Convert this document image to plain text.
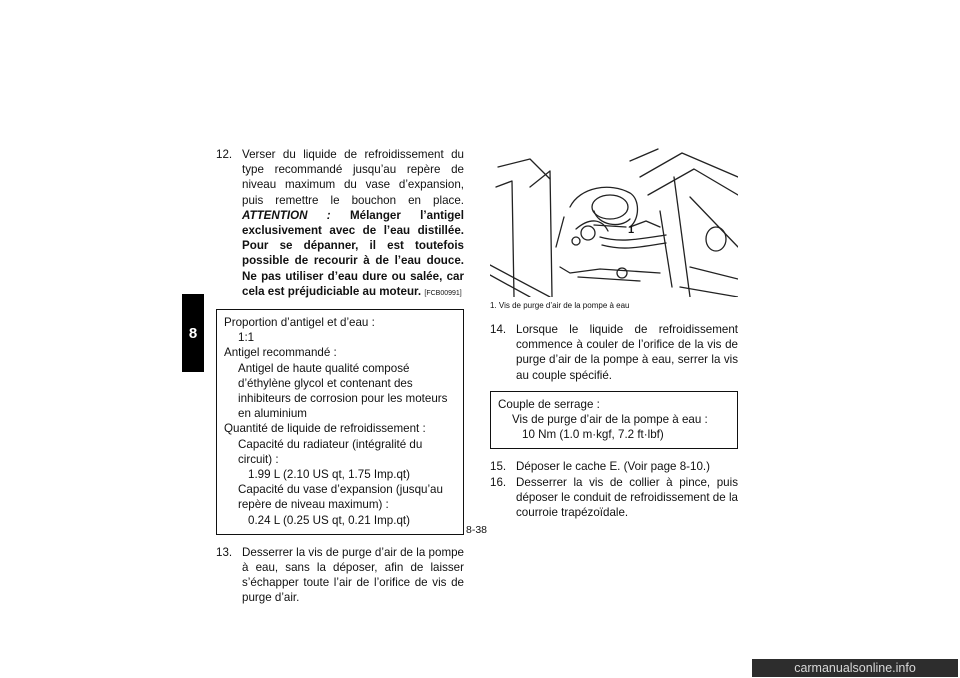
8

12. Verser du liquide de refroidissement du type recommandé jusqu’au repère de niveau maximum du vase d’expansion, puis remettre le bouchon en place. ATTENTION : Mélanger l’antigel exclusivement avec de l’eau distillée. Pour se dépanner, il est toutefois possible de recourir à de l’eau douce. Ne pas utiliser d’eau dure ou salée, car cela est préjudiciable au moteur. [FCB00991]

Proportion d’antigel et d’eau :

1:1

Antigel recommandé :

Antigel de haute qualité composé d’éthylène glycol et contenant des inhibiteurs de corrosion pour les moteurs en aluminium

Quantité de liquide de refroidissement :

Capacité du radiateur (intégralité du circuit) :

1.99 L (2.10 US qt, 1.75 Imp.qt)

Capacité du vase d’expansion (jusqu’au repère de niveau maximum) :

0.24 L (0.25 US qt, 0.21 Imp.qt)

13. Desserrer la vis de purge d’air de la pompe à eau, sans la déposer, afin de laisser s’échapper toute l’air de l’orifice de vis de purge d’air.

1
1. Vis de purge d’air de la pompe à eau

14. Lorsque le liquide de refroidissement commence à couler de l’orifice de la vis de purge d’air de la pompe à eau, serrer la vis au couple spécifié.

Couple de serrage :

Vis de purge d’air de la pompe à eau :

10 Nm (1.0 m·kgf, 7.2 ft·lbf)

15. Déposer le cache E. (Voir page 8-10.)

16. Desserrer la vis de collier à pince, puis déposer le conduit de refroidissement de la courroie trapézoïdale.

8-38
carmanualsonline.info
